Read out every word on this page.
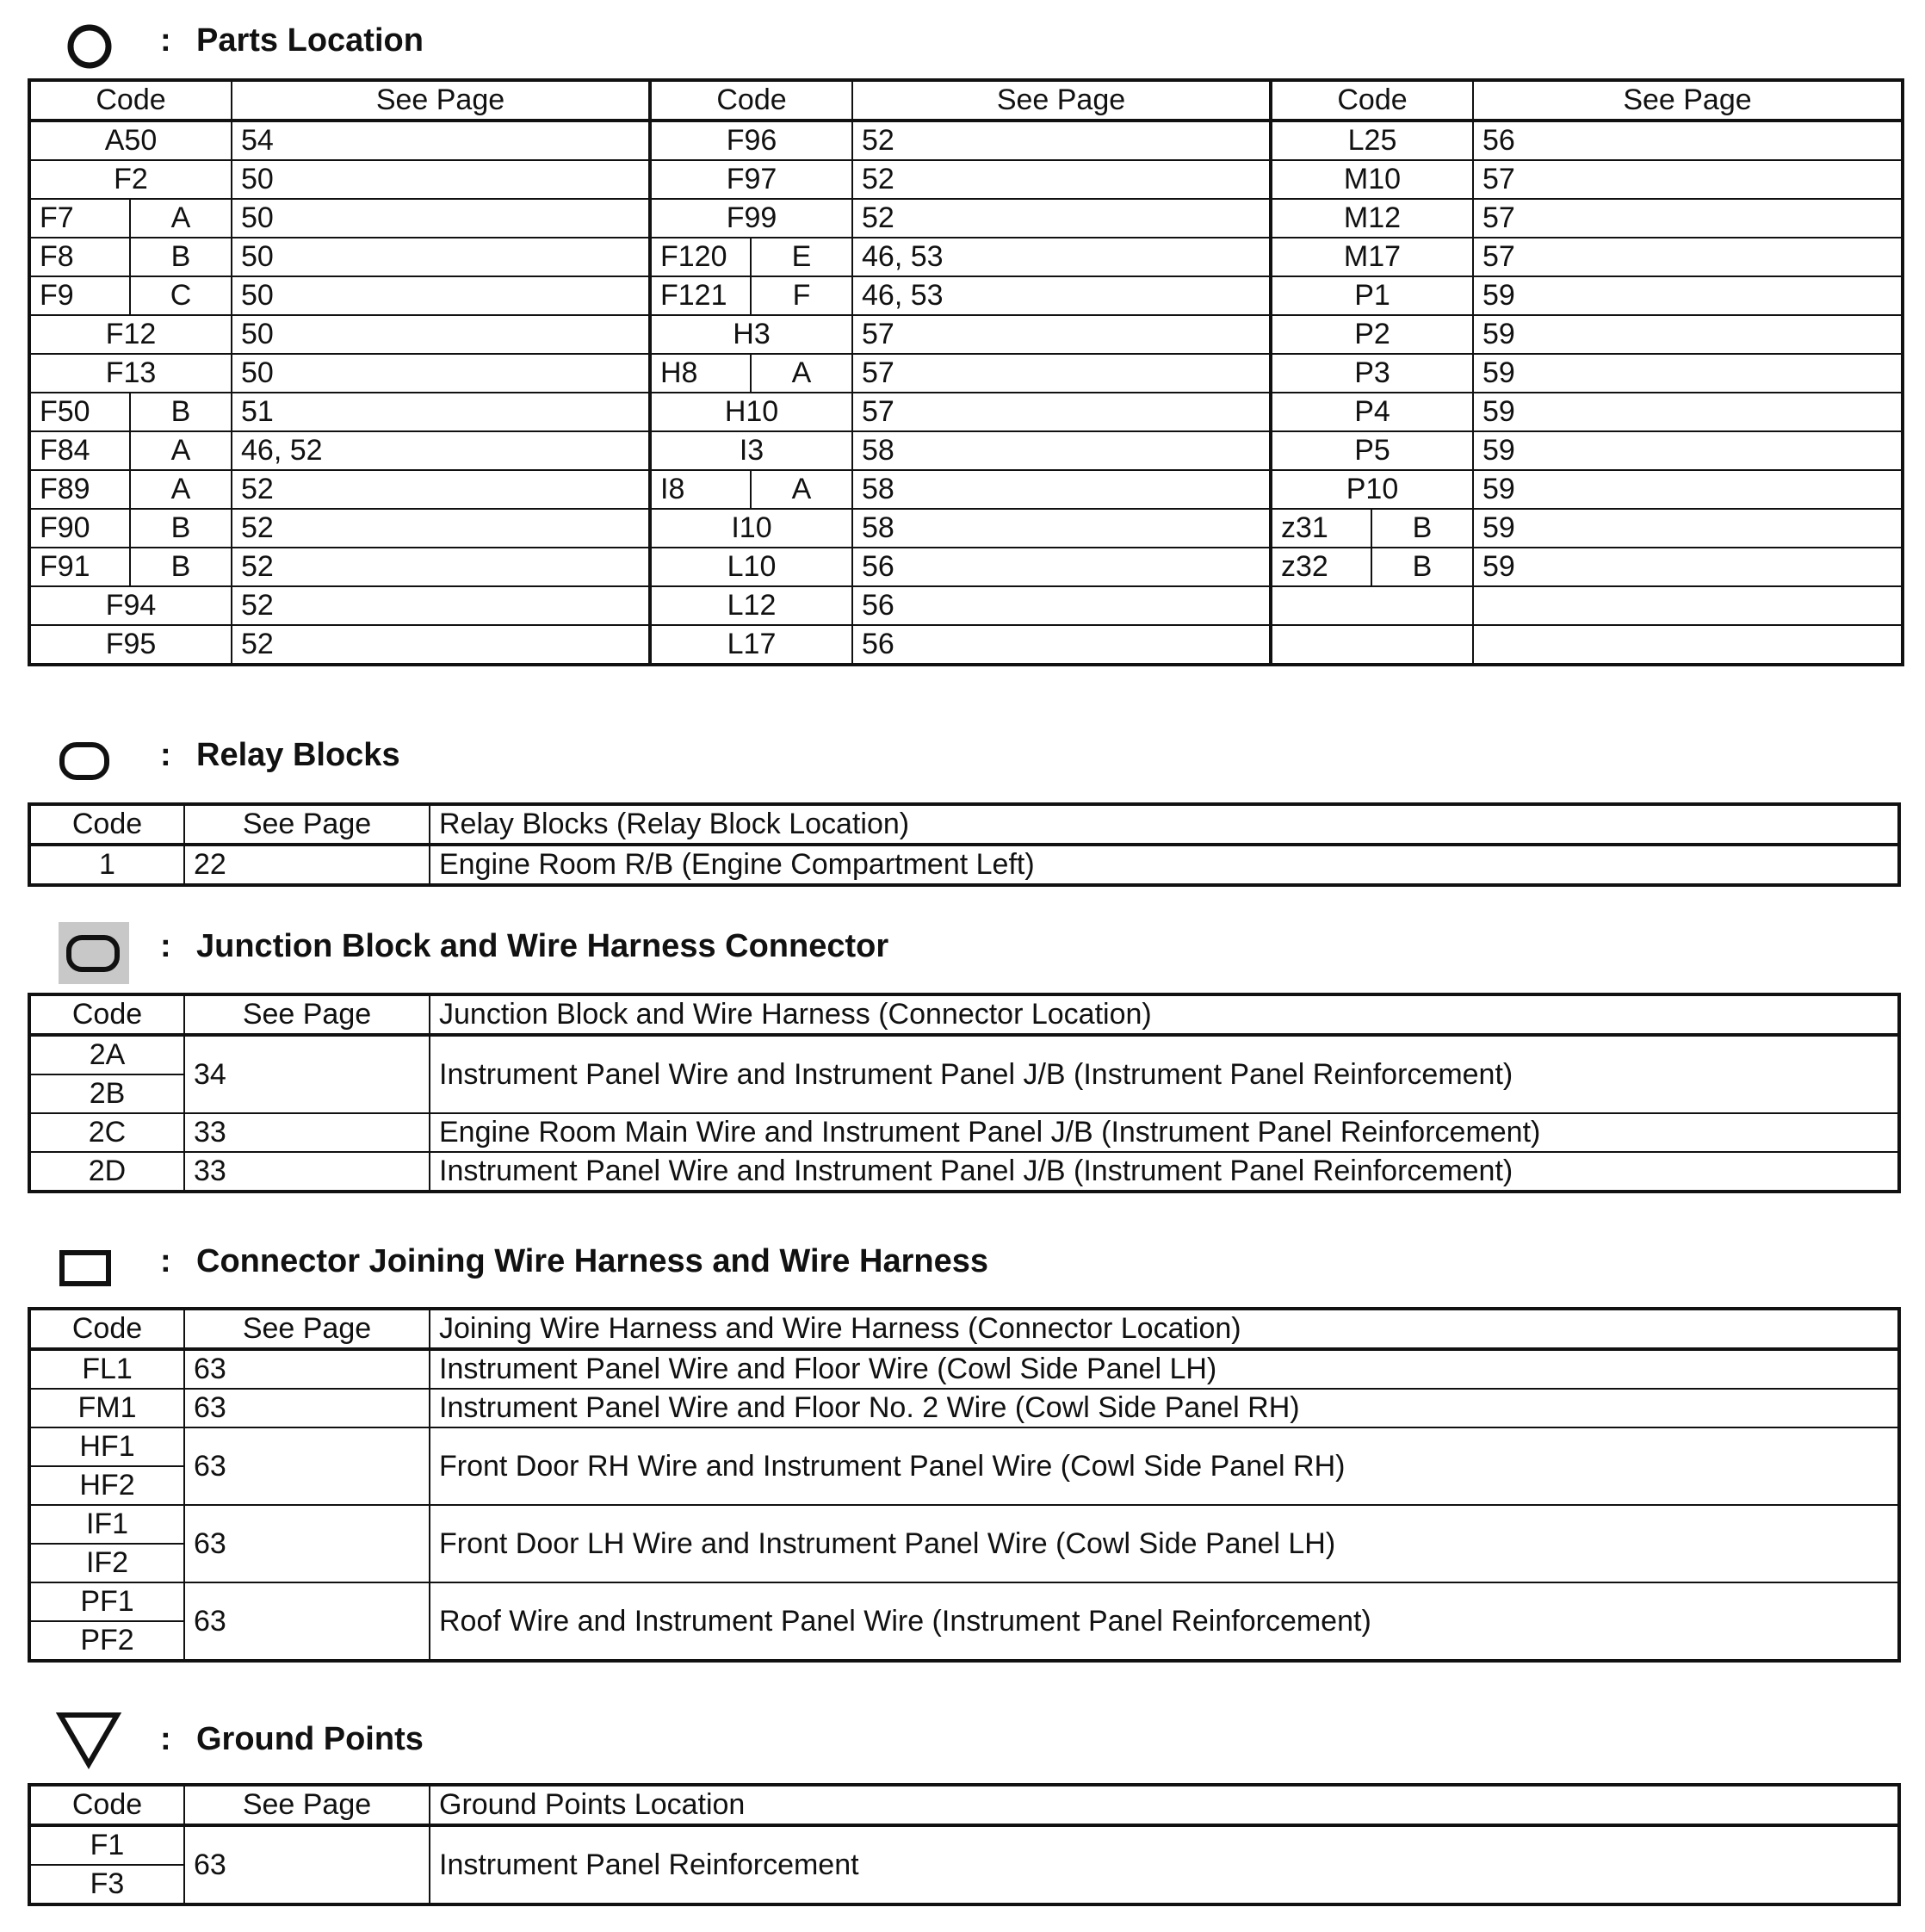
: Parts Location
Code		See Page	Code		See Page	Code		See Page
A50		54	F96		52	L25		56
F2		50	F97		52	M10		57
F7	A	50	F99		52	M12		57
F8	B	50	F120	E	46, 53	M17		57
F9	C	50	F121	F	46, 53	P1		59
F12		50	H3		57	P2		59
F13		50	H8	A	57	P3		59
F50	B	51	H10		57	P4		59
F84	A	46, 52	I3		58	P5		59
F89	A	52	I8	A	58	P10		59
F90	B	52	I10		58	z31	B	59
F91	B	52	L10		56	z32	B	59
F94		52	L12		56			
F95		52	L17		56			
: Relay Blocks
Code	See Page	Relay Blocks (Relay Block Location)
1	22	Engine Room R/B (Engine Compartment Left)
: Junction Block and Wire Harness Connector
Code	See Page	Junction Block and Wire Harness (Connector Location)
2A	34	Instrument Panel Wire and Instrument Panel J/B (Instrument Panel Reinforcement)
2B		
2C	33	Engine Room Main Wire and Instrument Panel J/B (Instrument Panel Reinforcement)
2D	33	Instrument Panel Wire and Instrument Panel J/B (Instrument Panel Reinforcement)
: Connector Joining Wire Harness and Wire Harness
Code	See Page	Joining Wire Harness and Wire Harness (Connector Location)
FL1	63	Instrument Panel Wire and Floor Wire (Cowl Side Panel LH)
FM1	63	Instrument Panel Wire and Floor No. 2 Wire (Cowl Side Panel RH)
HF1	63	Front Door RH Wire and Instrument Panel Wire (Cowl Side Panel RH)
HF2		
IF1	63	Front Door LH Wire and Instrument Panel Wire (Cowl Side Panel LH)
IF2		
PF1	63	Roof Wire and Instrument Panel Wire (Instrument Panel Reinforcement)
PF2		
: Ground Points
Code	See Page	Ground Points Location
F1	63	Instrument Panel Reinforcement
F3		
